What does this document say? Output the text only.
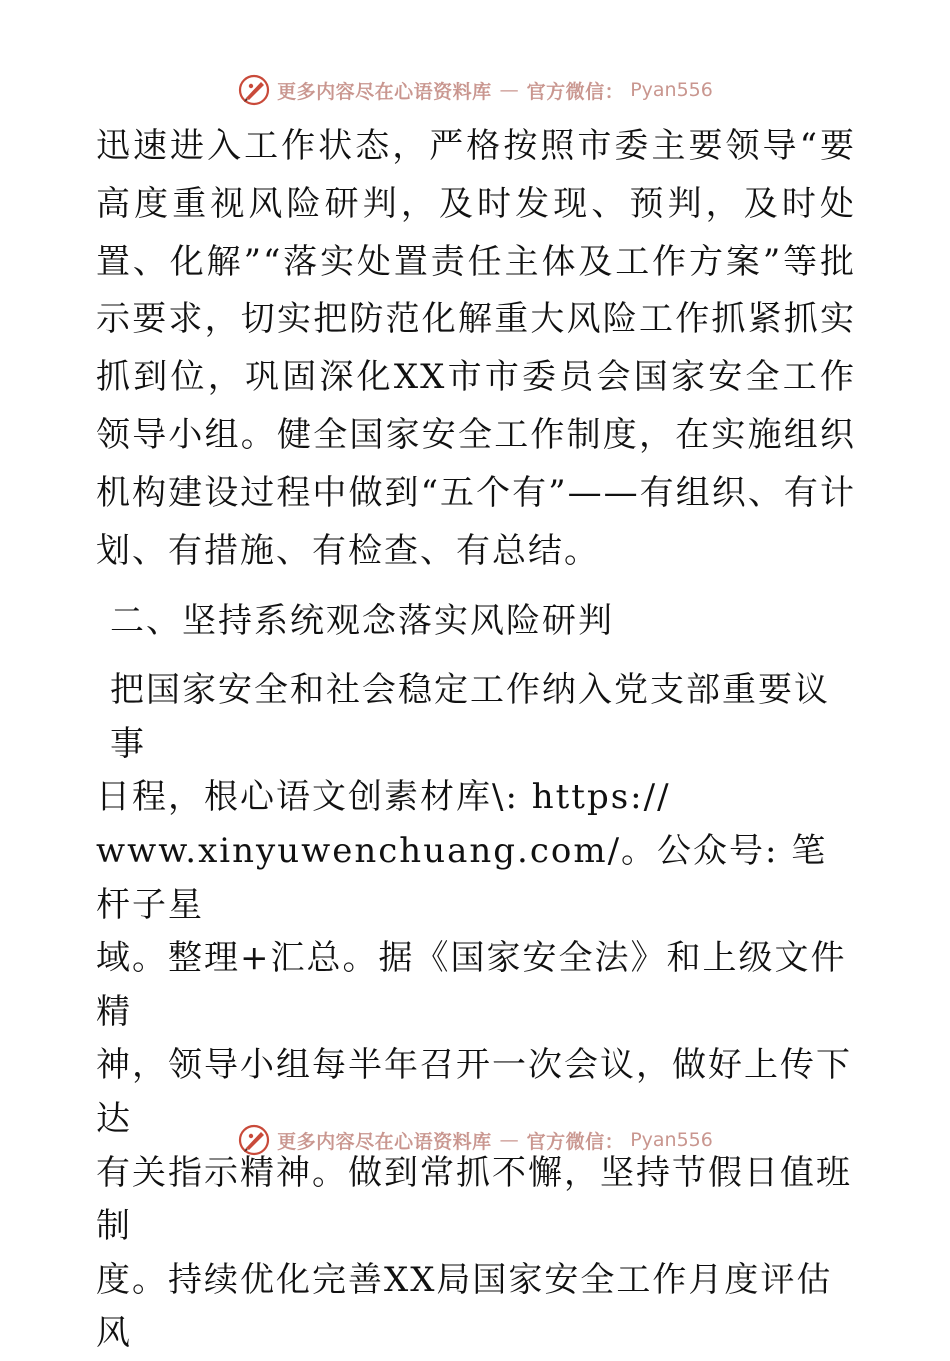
更多内容尽在心语资料库 — 官方微信： Pyan556

迅速进入工作状态，严格按照市委主要领导“要高度重视风险研判，及时发现、预判，及时处置、化解”“落实处置责任主体及工作方案”等批示要求，切实把防范化解重大风险工作抓紧抓实抓到位，巩固深化XX市市委员会国家安全工作领导小组。健全国家安全工作制度，在实施组织机构建设过程中做到“五个有”——有组织、有计划、有措施、有检查、有总结。

二、坚持系统观念落实风险研判
把国家安全和社会稳定工作纳入党支部重要议事
日程，根心语文创素材库\: https://
www.xinyuwenchuang.com/。公众号: 笔杆子星
域。整理+汇总。据《国家安全法》和上级文件精
神，领导小组每半年召开一次会议，做好上传下达
有关指示精神。做到常抓不懈，坚持节假日值班制
度。持续优化完善XX局国家安全工作月度评估风
更多内容尽在心语资料库 — 官方微信： Pyan556
